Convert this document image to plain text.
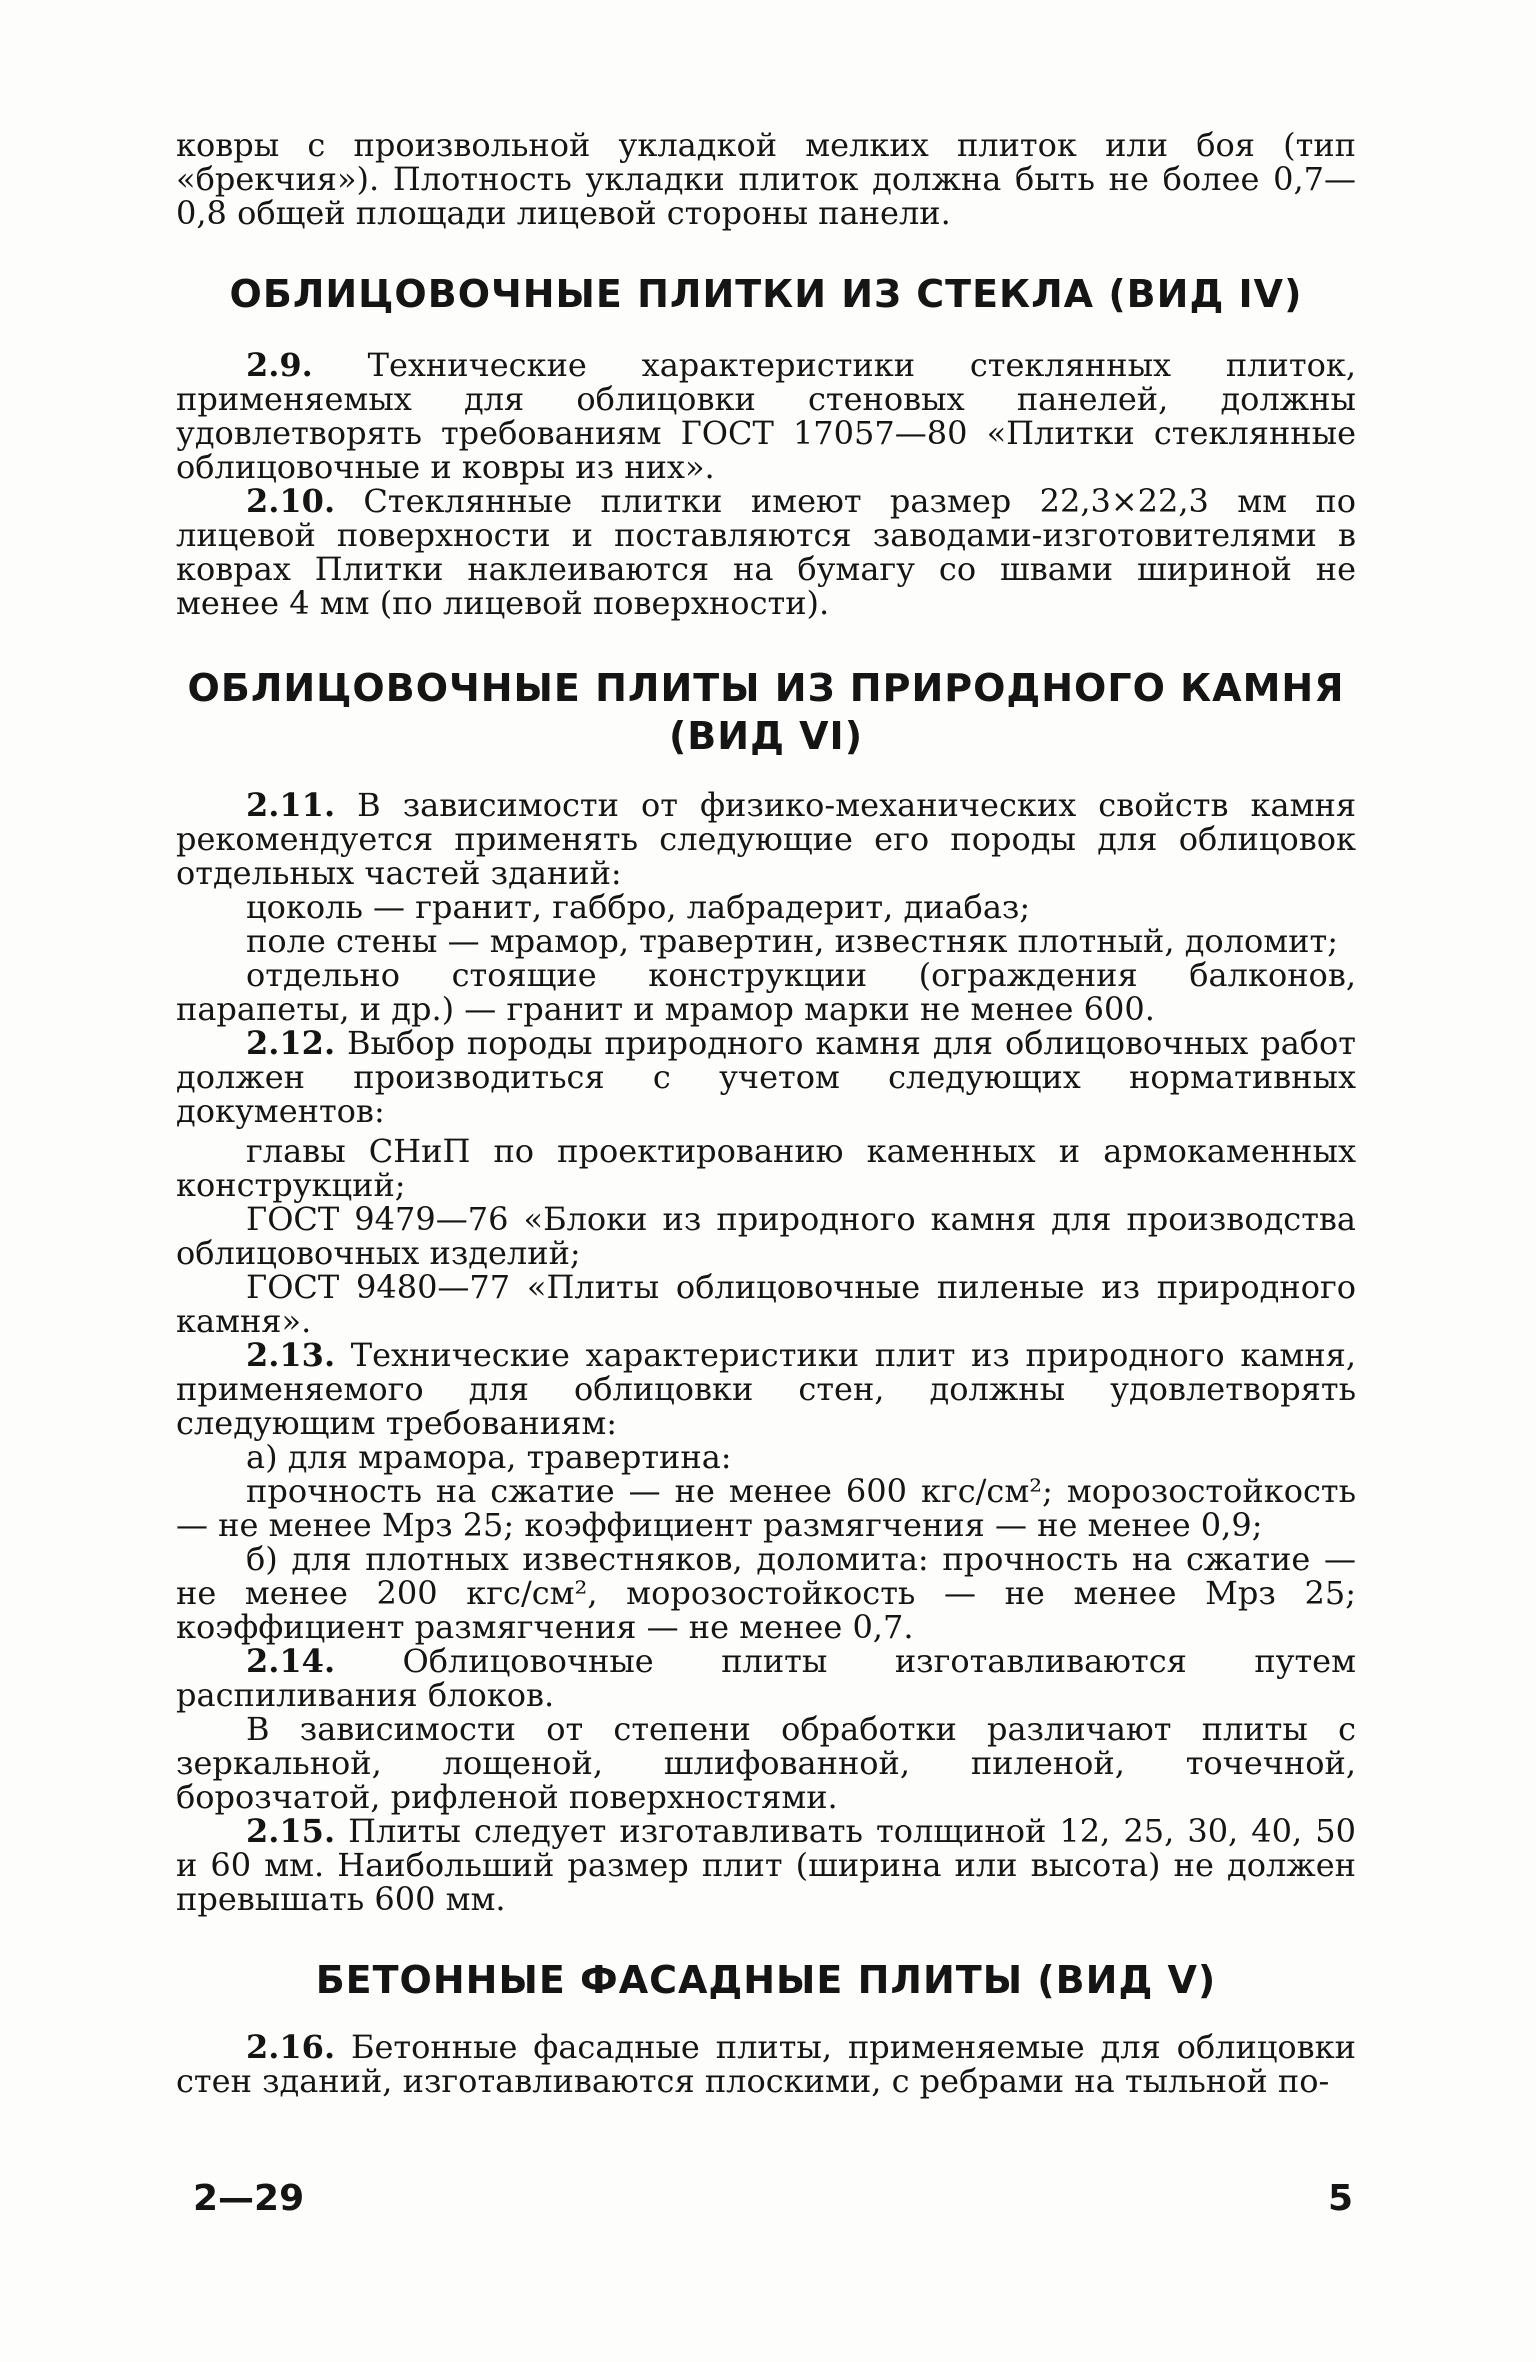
ковры с произвольной укладкой мелких плиток или боя (тип «брекчия»). Плотность укладки плиток должна быть не более 0,7—0,8 общей площади лицевой стороны панели.

ОБЛИЦОВОЧНЫЕ ПЛИТКИ ИЗ СТЕКЛА (ВИД IV)

2.9. Технические характеристики стеклянных плиток, применяемых для облицовки стеновых панелей, должны удовлетворять требованиям ГОСТ 17057—80 «Плитки стеклянные облицовочные и ковры из них».

2.10. Стеклянные плитки имеют размер 22,3×22,3 мм по лицевой поверхности и поставляются заводами-изготовителями в коврах Плитки наклеиваются на бумагу со швами шириной не менее 4 мм (по лицевой поверхности).

ОБЛИЦОВОЧНЫЕ ПЛИТЫ ИЗ ПРИРОДНОГО КАМНЯ
(ВИД VI)

2.11. В зависимости от физико-механических свойств камня рекомендуется применять следующие его породы для облицовок отдельных частей зданий:

цоколь — гранит, габбро, лабрадерит, диабаз;

поле стены — мрамор, травертин, известняк плотный, доломит;

отдельно стоящие конструкции (ограждения балконов, парапеты, и др.) — гранит и мрамор марки не менее 600.

2.12. Выбор породы природного камня для облицовочных работ должен производиться с учетом следующих нормативных документов:

главы СНиП по проектированию каменных и армокаменных конструкций;

ГОСТ 9479—76 «Блоки из природного камня для производства облицовочных изделий;

ГОСТ 9480—77 «Плиты облицовочные пиленые из природного камня».

2.13. Технические характеристики плит из природного камня, применяемого для облицовки стен, должны удовлетворять следующим требованиям:

а) для мрамора, травертина:

прочность на сжатие — не менее 600 кгс/см²; морозостойкость — не менее Мрз 25; коэффициент размягчения — не менее 0,9;

б) для плотных известняков, доломита: прочность на сжатие — не менее 200 кгс/см², морозостойкость — не менее Мрз 25; коэффициент размягчения — не менее 0,7.

2.14. Облицовочные плиты изготавливаются путем распиливания блоков.

В зависимости от степени обработки различают плиты с зеркальной, лощеной, шлифованной, пиленой, точечной, борозчатой, рифленой поверхностями.

2.15. Плиты следует изготавливать толщиной 12, 25, 30, 40, 50 и 60 мм. Наибольший размер плит (ширина или высота) не должен превышать 600 мм.

БЕТОННЫЕ ФАСАДНЫЕ ПЛИТЫ (ВИД V)

2.16. Бетонные фасадные плиты, применяемые для облицовки стен зданий, изготавливаются плоскими, с ребрами на тыльной по-

2—29	5
